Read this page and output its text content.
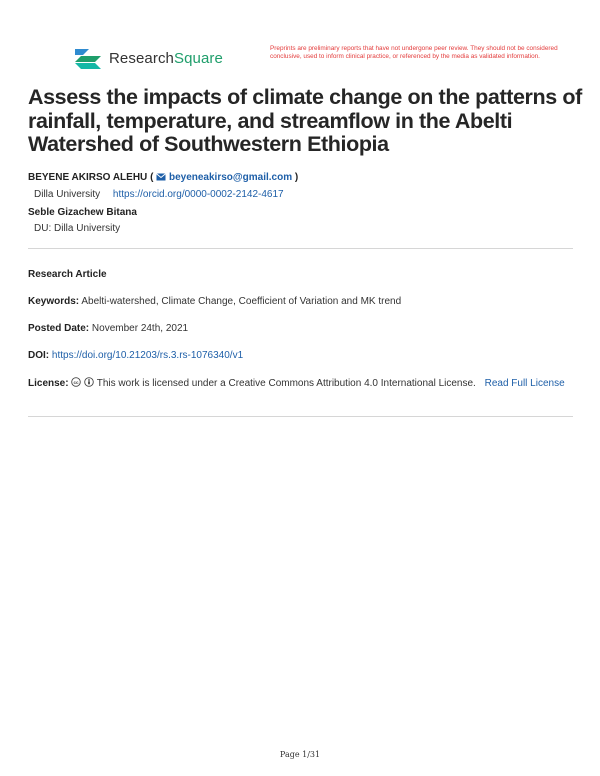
ResearchSquare
Preprints are preliminary reports that have not undergone peer review. They should not be considered conclusive, used to inform clinical practice, or referenced by the media as validated information.
Assess the impacts of climate change on the patterns of rainfall, temperature, and streamflow in the Abelti Watershed of Southwestern Ethiopia
BEYENE AKIRSO ALEHU ( beyeneakirso@gmail.com )
Dilla University https://orcid.org/0000-0002-2142-4617
Seble Gizachew Bitana
DU: Dilla University
Research Article
Keywords: Abelti-watershed, Climate Change, Coefficient of Variation and MK trend
Posted Date: November 24th, 2021
DOI: https://doi.org/10.21203/rs.3.rs-1076340/v1
License: cc This work is licensed under a Creative Commons Attribution 4.0 International License. Read Full License
Page 1/31
